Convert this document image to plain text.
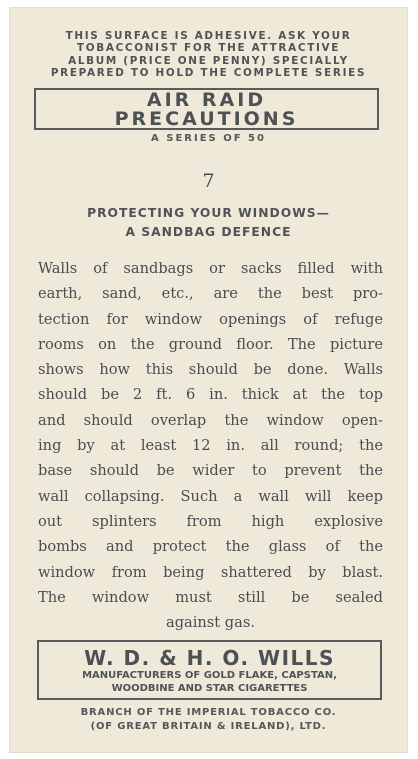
THIS SURFACE IS ADHESIVE. ASK YOUR
TOBACCONIST FOR THE ATTRACTIVE
ALBUM (PRICE ONE PENNY) SPECIALLY
PREPARED TO HOLD THE COMPLETE SERIES
AIR RAID
PRECAUTIONS
A SERIES OF 50
7
PROTECTING YOUR WINDOWS—
A SANDBAG DEFENCE
Walls of sandbags or sacks filled with
earth, sand, etc., are the best pro-
tection for window openings of refuge
rooms on the ground floor. The picture
shows how this should be done. Walls
should be 2 ft. 6 in. thick at the top
and should overlap the window open-
ing by at least 12 in. all round; the
base should be wider to prevent the
wall collapsing. Such a wall will keep
out splinters from high explosive
bombs and protect the glass of the
window from being shattered by blast.
The window must still be sealed
against gas.
W. D. & H. O. WILLS
MANUFACTURERS OF GOLD FLAKE, CAPSTAN,
WOODBINE AND STAR CIGARETTES
BRANCH OF THE IMPERIAL TOBACCO CO.
(OF GREAT BRITAIN & IRELAND), LTD.
